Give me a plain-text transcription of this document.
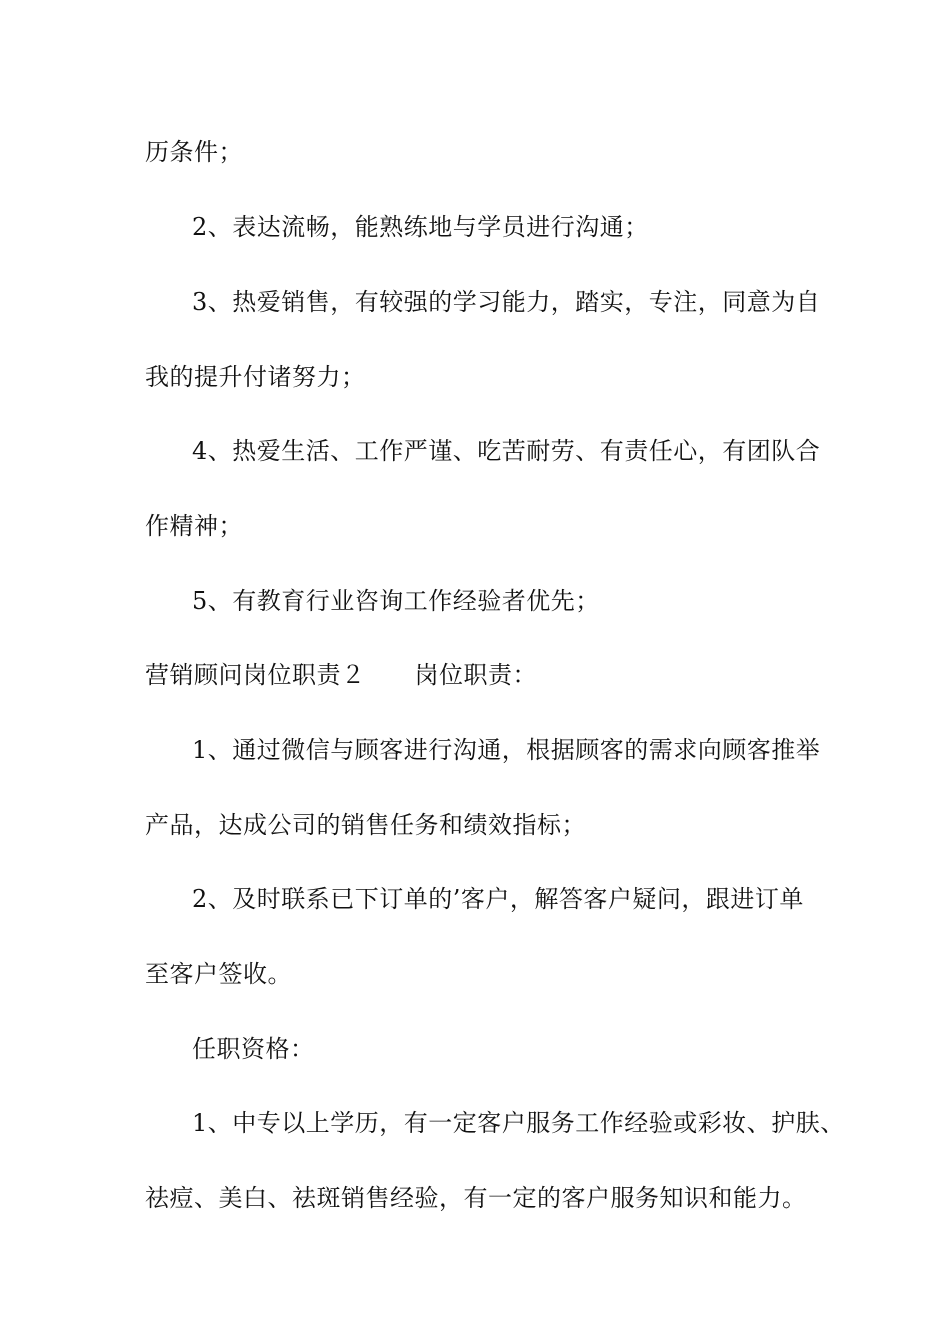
历条件；
2、表达流畅，能熟练地与学员进行沟通；
3、热爱销售，有较强的学习能力，踏实，专注，同意为自
我的提升付诸努力；
4、热爱生活、工作严谨、吃苦耐劳、有责任心，有团队合
作精神；
5、有教育行业咨询工作经验者优先；
营销顾问岗位职责２　　岗位职责：
1、通过微信与顾客进行沟通，根据顾客的需求向顾客推举
产品，达成公司的销售任务和绩效指标；
2、及时联系已下订单的’客户，解答客户疑问，跟进订单
至客户签收。
任职资格：
1、中专以上学历，有一定客户服务工作经验或彩妆、护肤、
祛痘、美白、祛斑销售经验，有一定的客户服务知识和能力。
